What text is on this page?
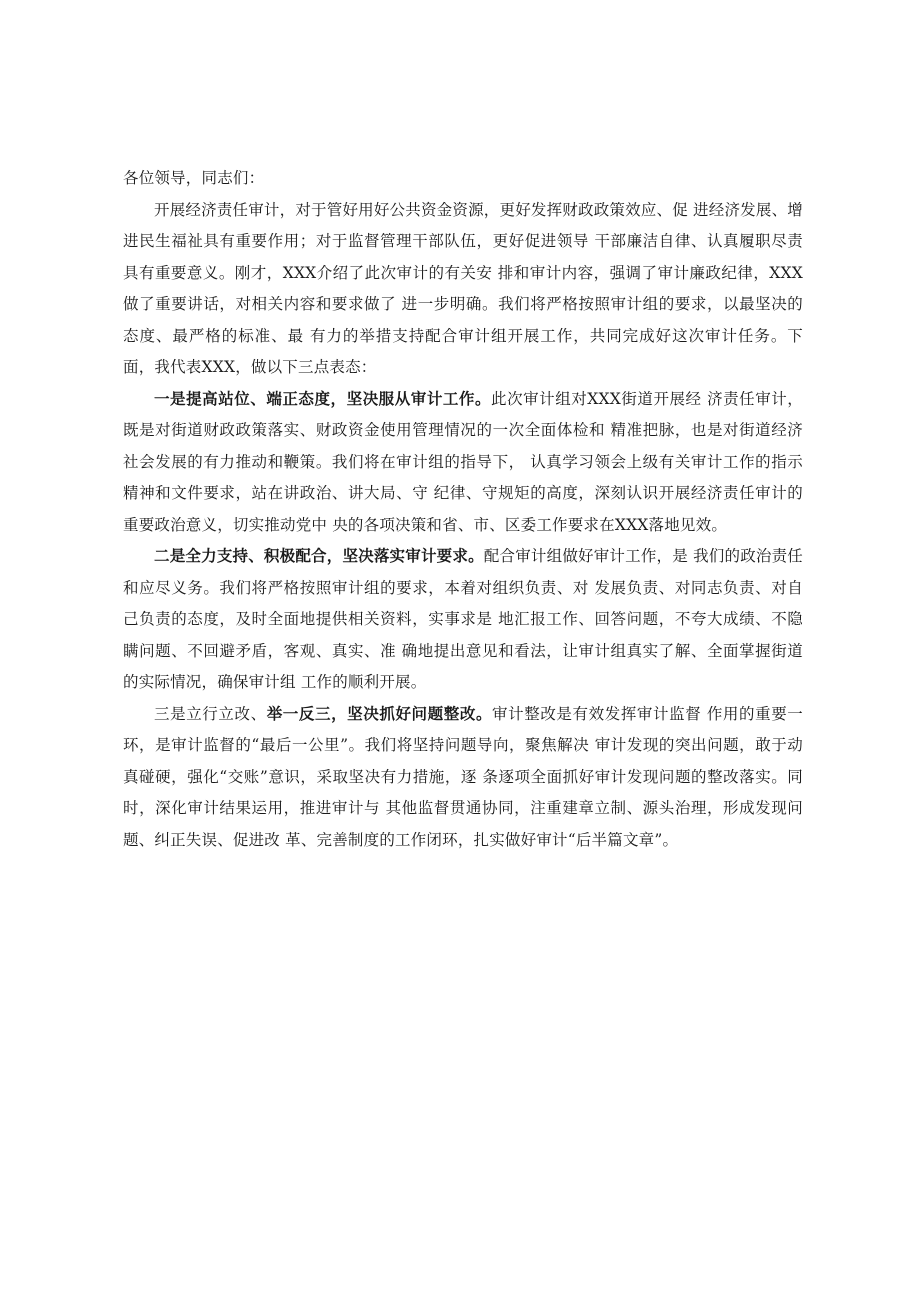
各位领导，同志们：

开展经济责任审计，对于管好用好公共资金资源，更好发挥财政政策效应、促 进经济发展、增进民生福祉具有重要作用；对于监督管理干部队伍，更好促进领导 干部廉洁自律、认真履职尽责具有重要意义。刚才，XXX介绍了此次审计的有关安 排和审计内容，强调了审计廉政纪律，XXX做了重要讲话，对相关内容和要求做了 进一步明确。我们将严格按照审计组的要求，以最坚决的态度、最严格的标准、最 有力的举措支持配合审计组开展工作，共同完成好这次审计任务。下面，我代表XXX，做以下三点表态：

一是提高站位、端正态度，坚决服从审计工作。此次审计组对XXX街道开展经 济责任审计，既是对街道财政政策落实、财政资金使用管理情况的一次全面体检和 精准把脉，也是对街道经济社会发展的有力推动和鞭策。我们将在审计组的指导下， 认真学习领会上级有关审计工作的指示精神和文件要求，站在讲政治、讲大局、守 纪律、守规矩的高度，深刻认识开展经济责任审计的重要政治意义，切实推动党中 央的各项决策和省、市、区委工作要求在XXX落地见效。

二是全力支持、积极配合，坚决落实审计要求。配合审计组做好审计工作，是 我们的政治责任和应尽义务。我们将严格按照审计组的要求，本着对组织负责、对 发展负责、对同志负责、对自己负责的态度，及时全面地提供相关资料，实事求是 地汇报工作、回答问题，不夸大成绩、不隐瞒问题、不回避矛盾，客观、真实、准 确地提出意见和看法，让审计组真实了解、全面掌握街道的实际情况，确保审计组 工作的顺利开展。

三是立行立改、举一反三，坚决抓好问题整改。审计整改是有效发挥审计监督 作用的重要一环，是审计监督的“最后一公里”。我们将坚持问题导向，聚焦解决 审计发现的突出问题，敢于动真碰硬，强化“交账”意识，采取坚决有力措施，逐 条逐项全面抓好审计发现问题的整改落实。同时，深化审计结果运用，推进审计与 其他监督贯通协同，注重建章立制、源头治理，形成发现问题、纠正失误、促进改 革、完善制度的工作闭环，扎实做好审计“后半篇文章”。
